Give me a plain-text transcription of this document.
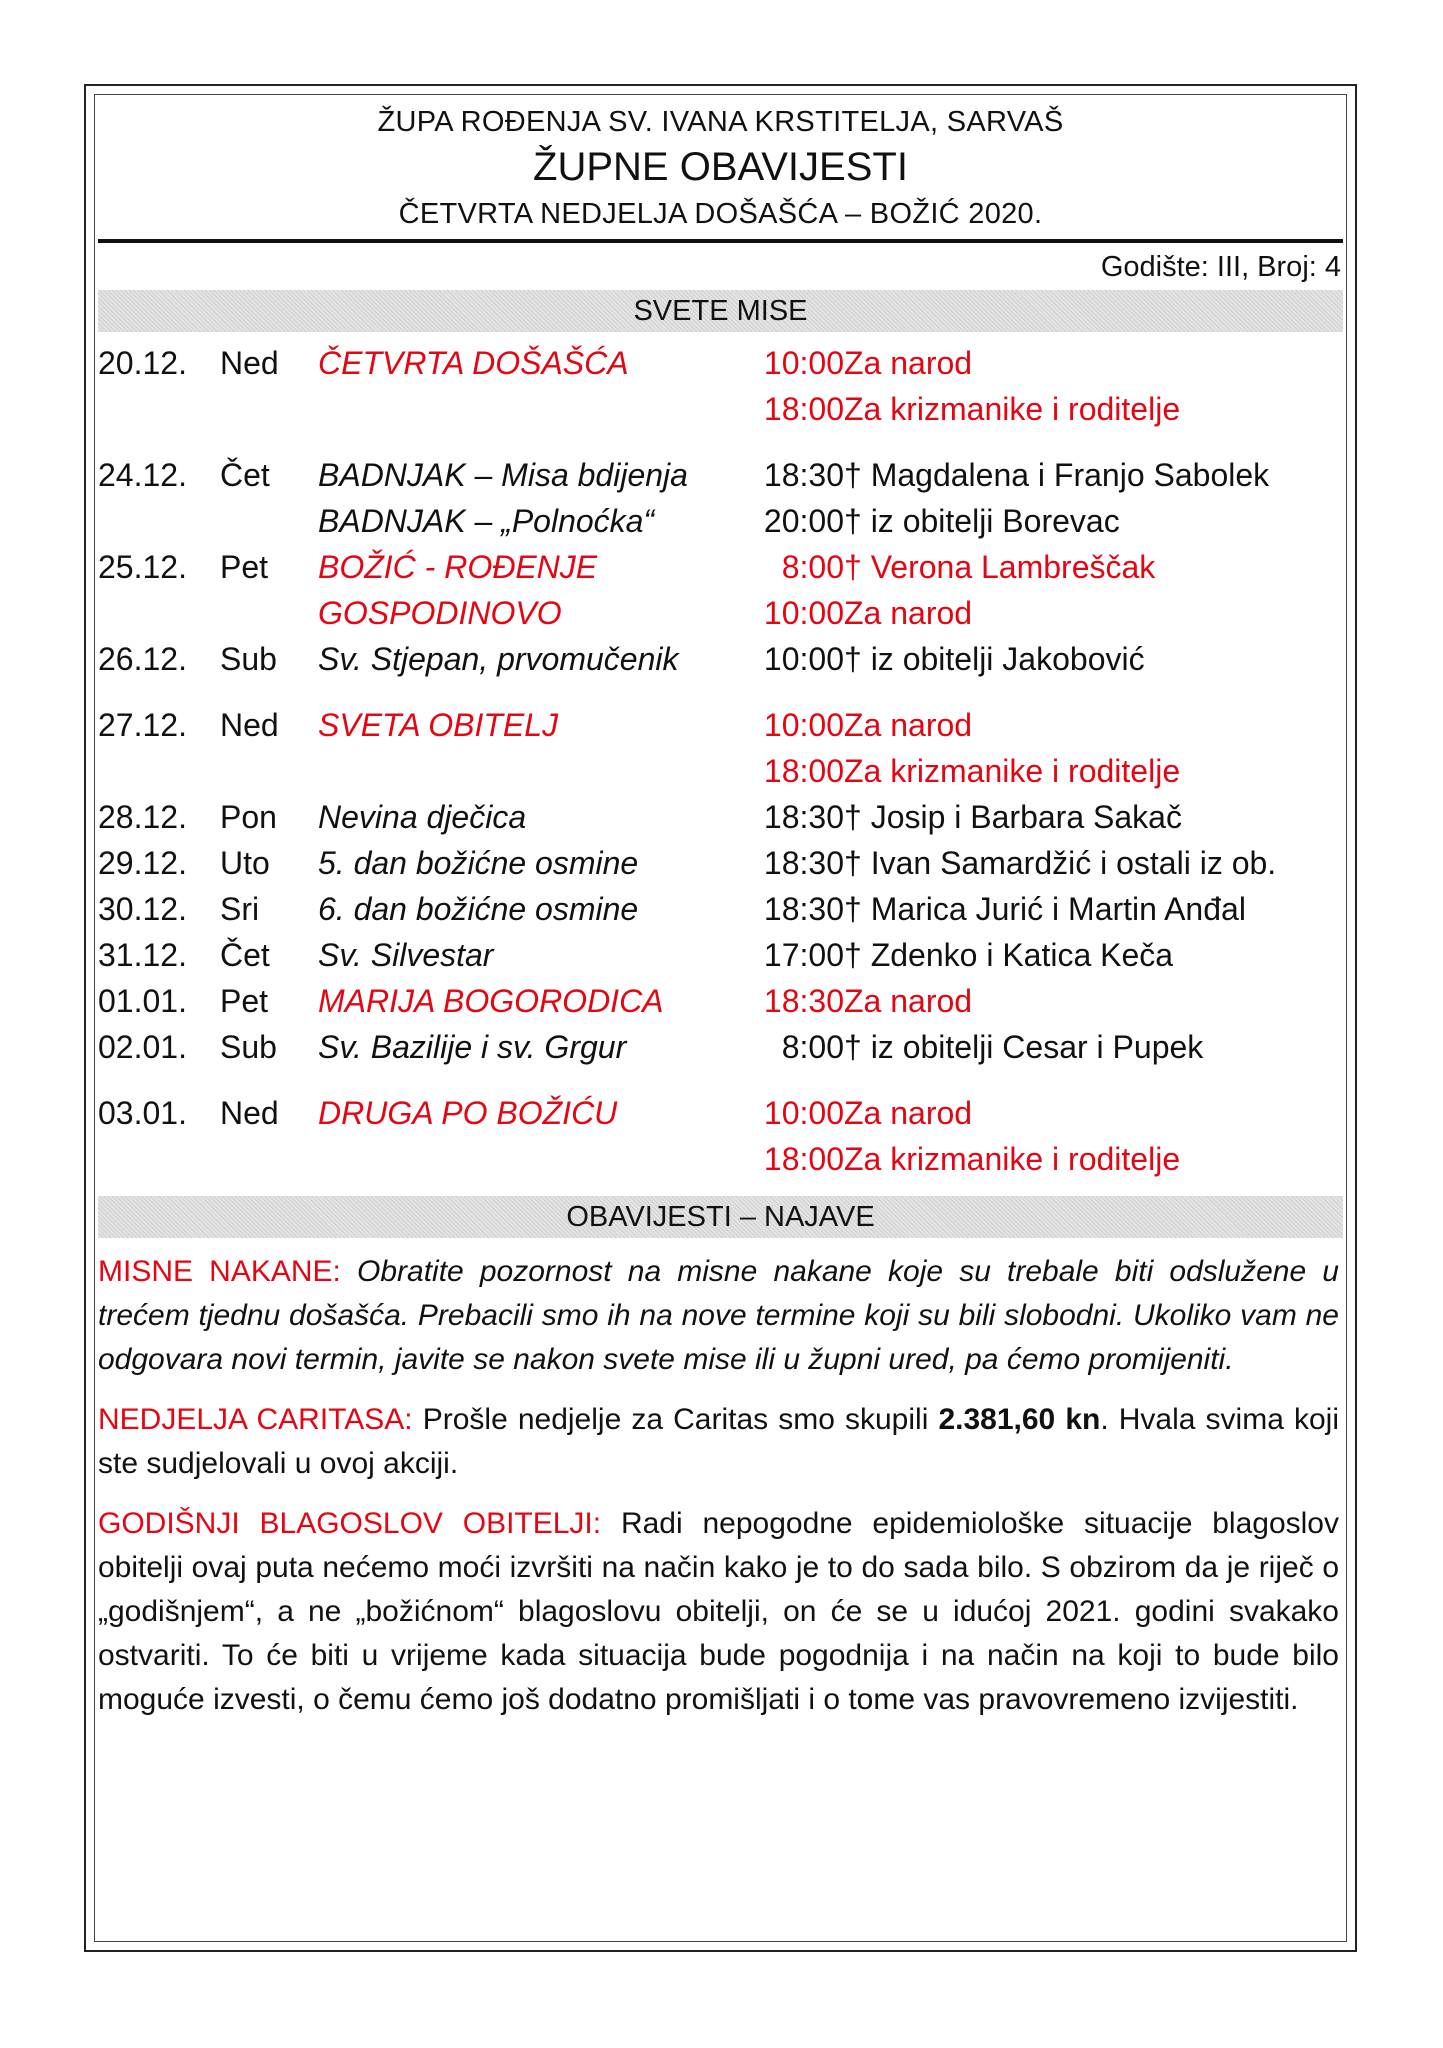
ŽUPA ROĐENJA SV. IVANA KRSTITELJA, SARVAŠ
ŽUPNE OBAVIJESTI
ČETVRTA NEDJELJA DOŠAŠĆA – BOŽIĆ 2020.
Godište: III, Broj: 4
SVETE MISE
20.12.	Ned	ČETVRTA DOŠAŠĆA	10:00	Za narod
			18:00	Za krizmanike i roditelje

24.12.	Čet	BADNJAK – Misa bdijenja	18:30	† Magdalena i Franjo Sabolek
		BADNJAK – „Polnoćka“	20:00	† iz obitelji Borevac
25.12.	Pet	BOŽIĆ - ROĐENJE	8:00	† Verona Lambreščak
		GOSPODINOVO	10:00	Za narod
26.12.	Sub	Sv. Stjepan, prvomučenik	10:00	† iz obitelji Jakobović

27.12.	Ned	SVETA OBITELJ	10:00	Za narod
			18:00	Za krizmanike i roditelje
28.12.	Pon	Nevina dječica	18:30	† Josip i Barbara Sakač
29.12.	Uto	5. dan božićne osmine	18:30	† Ivan Samardžić i ostali iz ob.
30.12.	Sri	6. dan božićne osmine	18:30	† Marica Jurić i Martin Anđal
31.12.	Čet	Sv. Silvestar	17:00	† Zdenko i Katica Keča
01.01.	Pet	MARIJA BOGORODICA	18:30	Za narod
02.01.	Sub	Sv. Bazilije i sv. Grgur	8:00	† iz obitelji Cesar i Pupek

03.01.	Ned	DRUGA PO BOŽIĆU	10:00	Za narod
			18:00	Za krizmanike i roditelje
OBAVIJESTI – NAJAVE

MISNE NAKANE: Obratite pozornost na misne nakane koje su trebale biti odslužene u trećem tjednu došašća. Prebacili smo ih na nove termine koji su bili slobodni. Ukoliko vam ne odgovara novi termin, javite se nakon svete mise ili u župni ured, pa ćemo promijeniti.

NEDJELJA CARITASA: Prošle nedjelje za Caritas smo skupili 2.381,60 kn. Hvala svima koji ste sudjelovali u ovoj akciji.

GODIŠNJI BLAGOSLOV OBITELJI: Radi nepogodne epidemiološke situacije blagoslov obitelji ovaj puta nećemo moći izvršiti na način kako je to do sada bilo. S obzirom da je riječ o „godišnjem“, a ne „božićnom“ blagoslovu obitelji, on će se u idućoj 2021. godini svakako ostvariti. To će biti u vrijeme kada situacija bude pogodnija i na način na koji to bude bilo moguće izvesti, o čemu ćemo još dodatno promišljati i o tome vas pravovremeno izvijestiti.
